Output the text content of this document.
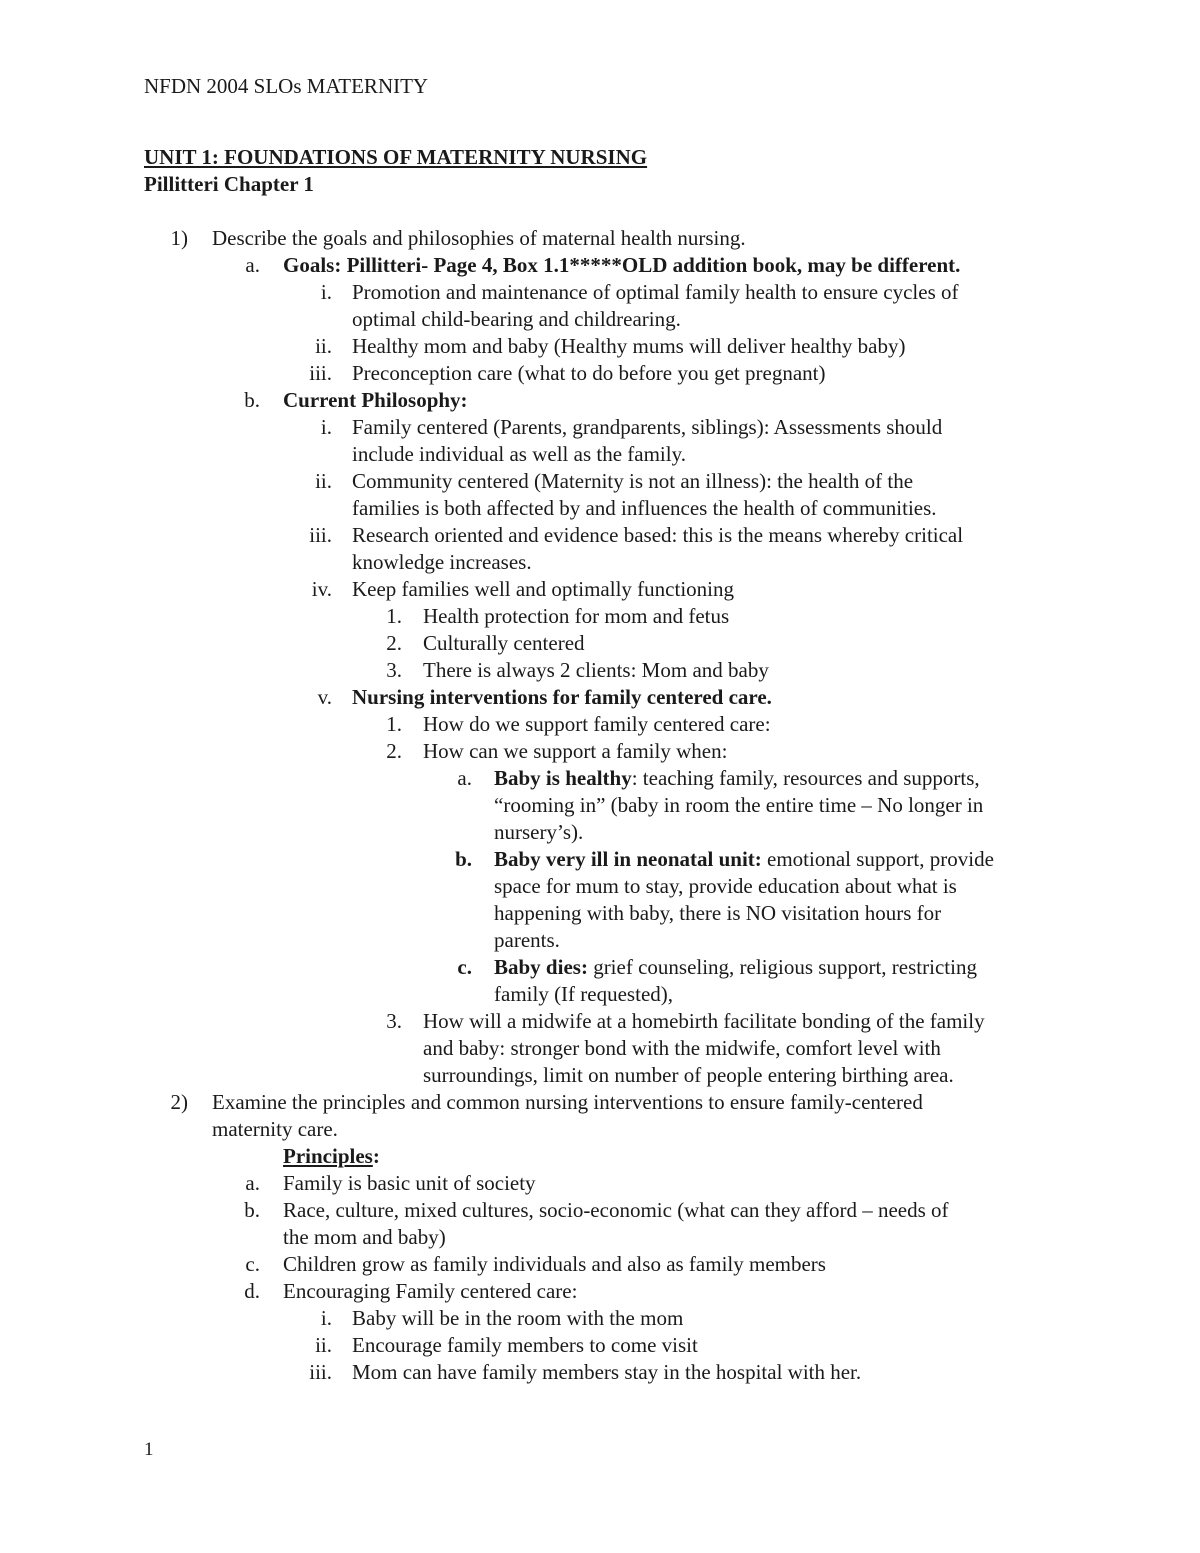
NFDN 2004 SLOs MATERNITY
UNIT 1: FOUNDATIONS OF MATERNITY NURSING
Pillitteri Chapter 1
1) Describe the goals and philosophies of maternal health nursing.
a. Goals: Pillitteri- Page 4, Box 1.1*****OLD addition book, may be different.
i. Promotion and maintenance of optimal family health to ensure cycles of
optimal child-bearing and childrearing.
ii. Healthy mom and baby (Healthy mums will deliver healthy baby)
iii. Preconception care (what to do before you get pregnant)
b. Current Philosophy:
i. Family centered (Parents, grandparents, siblings): Assessments should
include individual as well as the family.
ii. Community centered (Maternity is not an illness): the health of the
families is both affected by and influences the health of communities.
iii. Research oriented and evidence based: this is the means whereby critical
knowledge increases.
iv. Keep families well and optimally functioning
1. Health protection for mom and fetus
2. Culturally centered
3. There is always 2 clients: Mom and baby
v. Nursing interventions for family centered care.
1. How do we support family centered care:
2. How can we support a family when:
a. Baby is healthy: teaching family, resources and supports,
“rooming in” (baby in room the entire time – No longer in
nursery’s).
b. Baby very ill in neonatal unit: emotional support, provide
space for mum to stay, provide education about what is
happening with baby, there is NO visitation hours for
parents.
c. Baby dies: grief counseling, religious support, restricting
family (If requested),
3. How will a midwife at a homebirth facilitate bonding of the family
and baby: stronger bond with the midwife, comfort level with
surroundings, limit on number of people entering birthing area.
2) Examine the principles and common nursing interventions to ensure family-centered
maternity care.
Principles:
a. Family is basic unit of society
b. Race, culture, mixed cultures, socio-economic (what can they afford – needs of
the mom and baby)
c. Children grow as family individuals and also as family members
d. Encouraging Family centered care:
i. Baby will be in the room with the mom
ii. Encourage family members to come visit
iii. Mom can have family members stay in the hospital with her.
1
